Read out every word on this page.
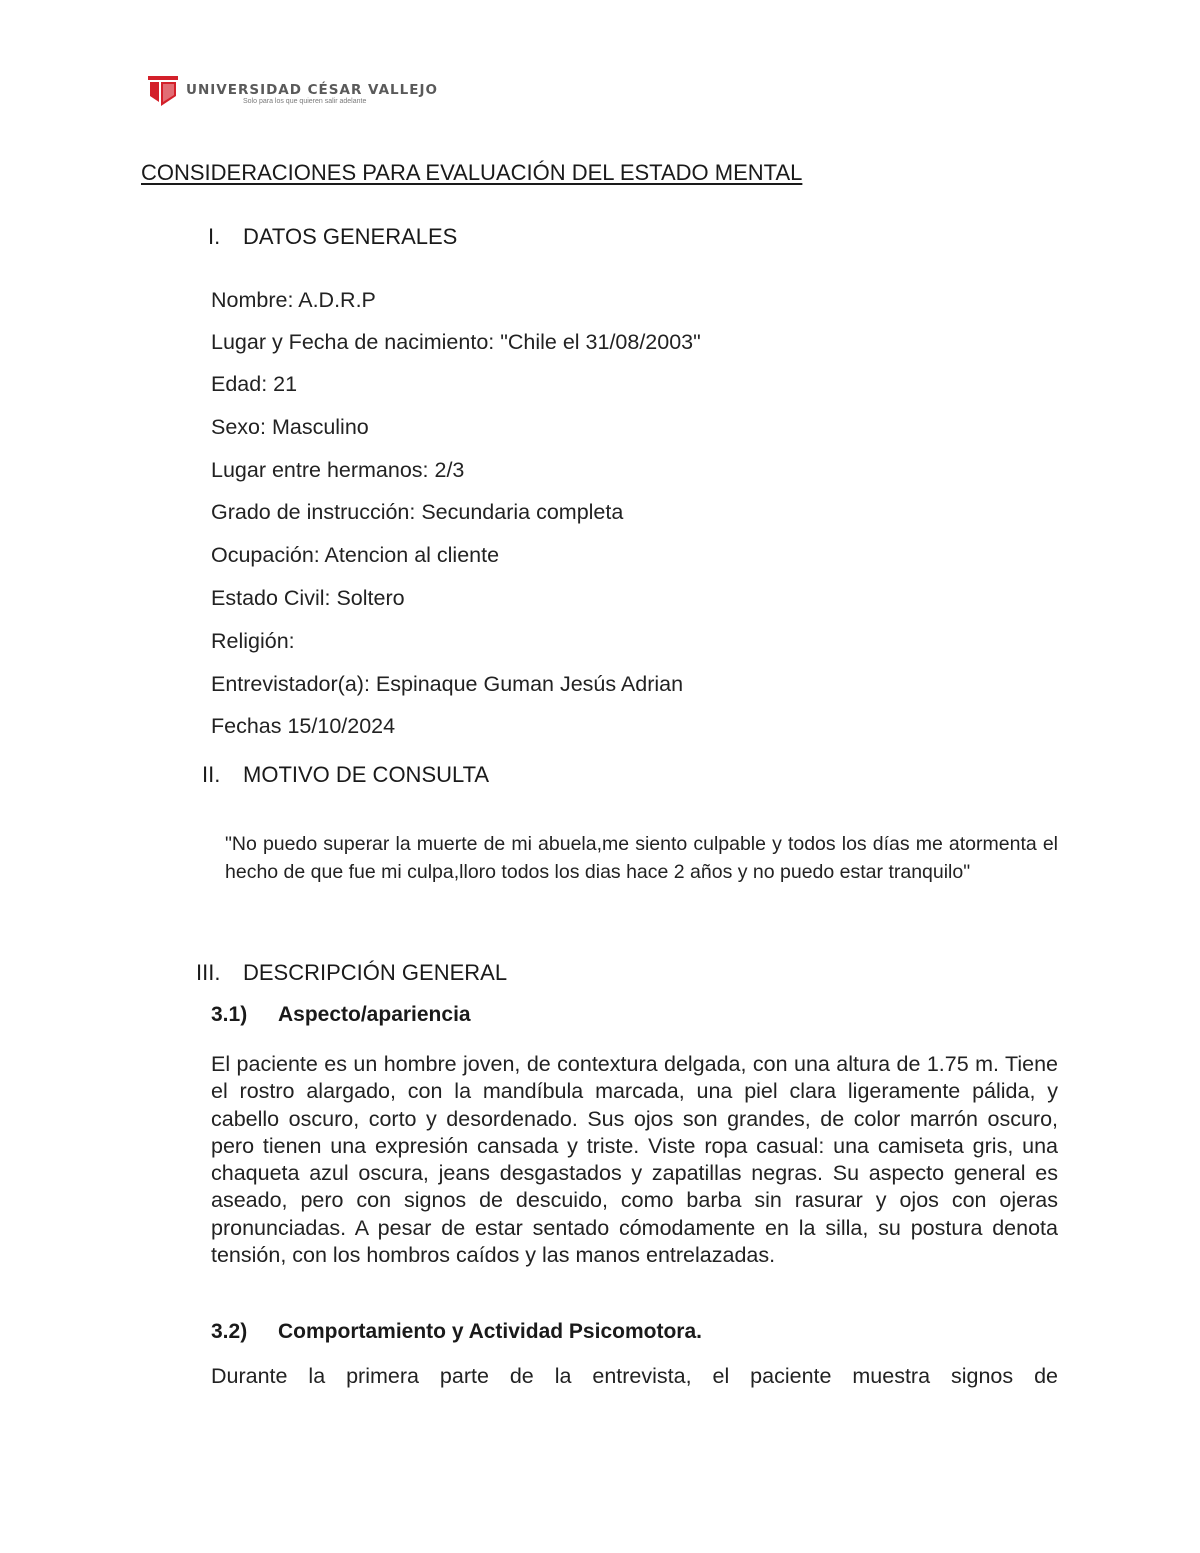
UNIVERSIDAD CÉSAR VALLEJO
Solo para los que quieren salir adelante
CONSIDERACIONES PARA EVALUACIÓN DEL ESTADO MENTAL
I. DATOS GENERALES
Nombre: A.D.R.P
Lugar y Fecha de nacimiento: "Chile el 31/08/2003"
Edad: 21
Sexo: Masculino
Lugar entre hermanos: 2/3
Grado de instrucción: Secundaria completa
Ocupación: Atencion al cliente
Estado Civil: Soltero
Religión:
Entrevistador(a): Espinaque Guman Jesús Adrian
Fechas 15/10/2024
II. MOTIVO DE CONSULTA
"No puedo superar la muerte de mi abuela,me siento culpable y todos los días me atormenta el hecho de que fue mi culpa,lloro todos los dias hace 2 años y no puedo estar tranquilo"
III. DESCRIPCIÓN GENERAL
3.1) Aspecto/apariencia
El paciente es un hombre joven, de contextura delgada, con una altura de 1.75 m. Tiene el rostro alargado, con la mandíbula marcada, una piel clara ligeramente pálida, y cabello oscuro, corto y desordenado. Sus ojos son grandes, de color marrón oscuro, pero tienen una expresión cansada y triste. Viste ropa casual: una camiseta gris, una chaqueta azul oscura, jeans desgastados y zapatillas negras. Su aspecto general es aseado, pero con signos de descuido, como barba sin rasurar y ojos con ojeras pronunciadas. A pesar de estar sentado cómodamente en la silla, su postura denota tensión, con los hombros caídos y las manos entrelazadas.
3.2) Comportamiento y Actividad Psicomotora.
Durante la primera parte de la entrevista, el paciente muestra signos de
